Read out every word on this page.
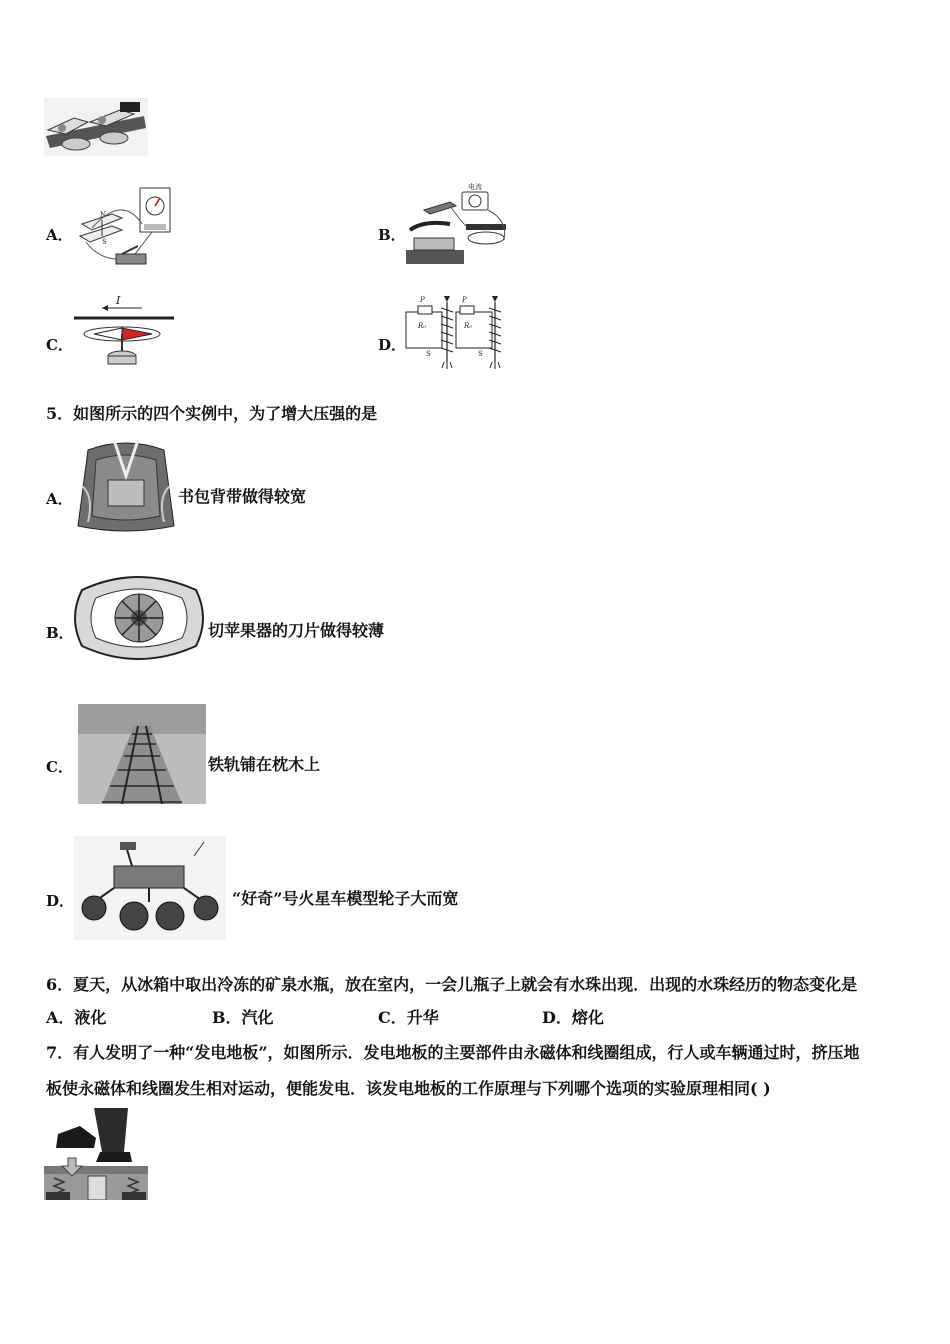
A．
N
S	B．
电流
C．
I
D．
P
R₀
S
P
R₀
S
5．如图所示的四个实例中，为了增大压强的是
A．	书包背带做得较宽
B．	切苹果器的刀片做得较薄
C．	铁轨铺在枕木上
D．	“好奇”号火星车模型轮子大而宽
6．夏天，从冰箱中取出冷冻的矿泉水瓶，放在室内，一会儿瓶子上就会有水珠出现．出现的水珠经历的物态变化是
A．液化	B．汽化	C．升华	D．熔化
7．有人发明了一种“发电地板”，如图所示．发电地板的主要部件由永磁体和线圈组成，行人或车辆通过时，挤压地
板使永磁体和线圈发生相对运动，便能发电．该发电地板的工作原理与下列哪个选项的实验原理相同( )
